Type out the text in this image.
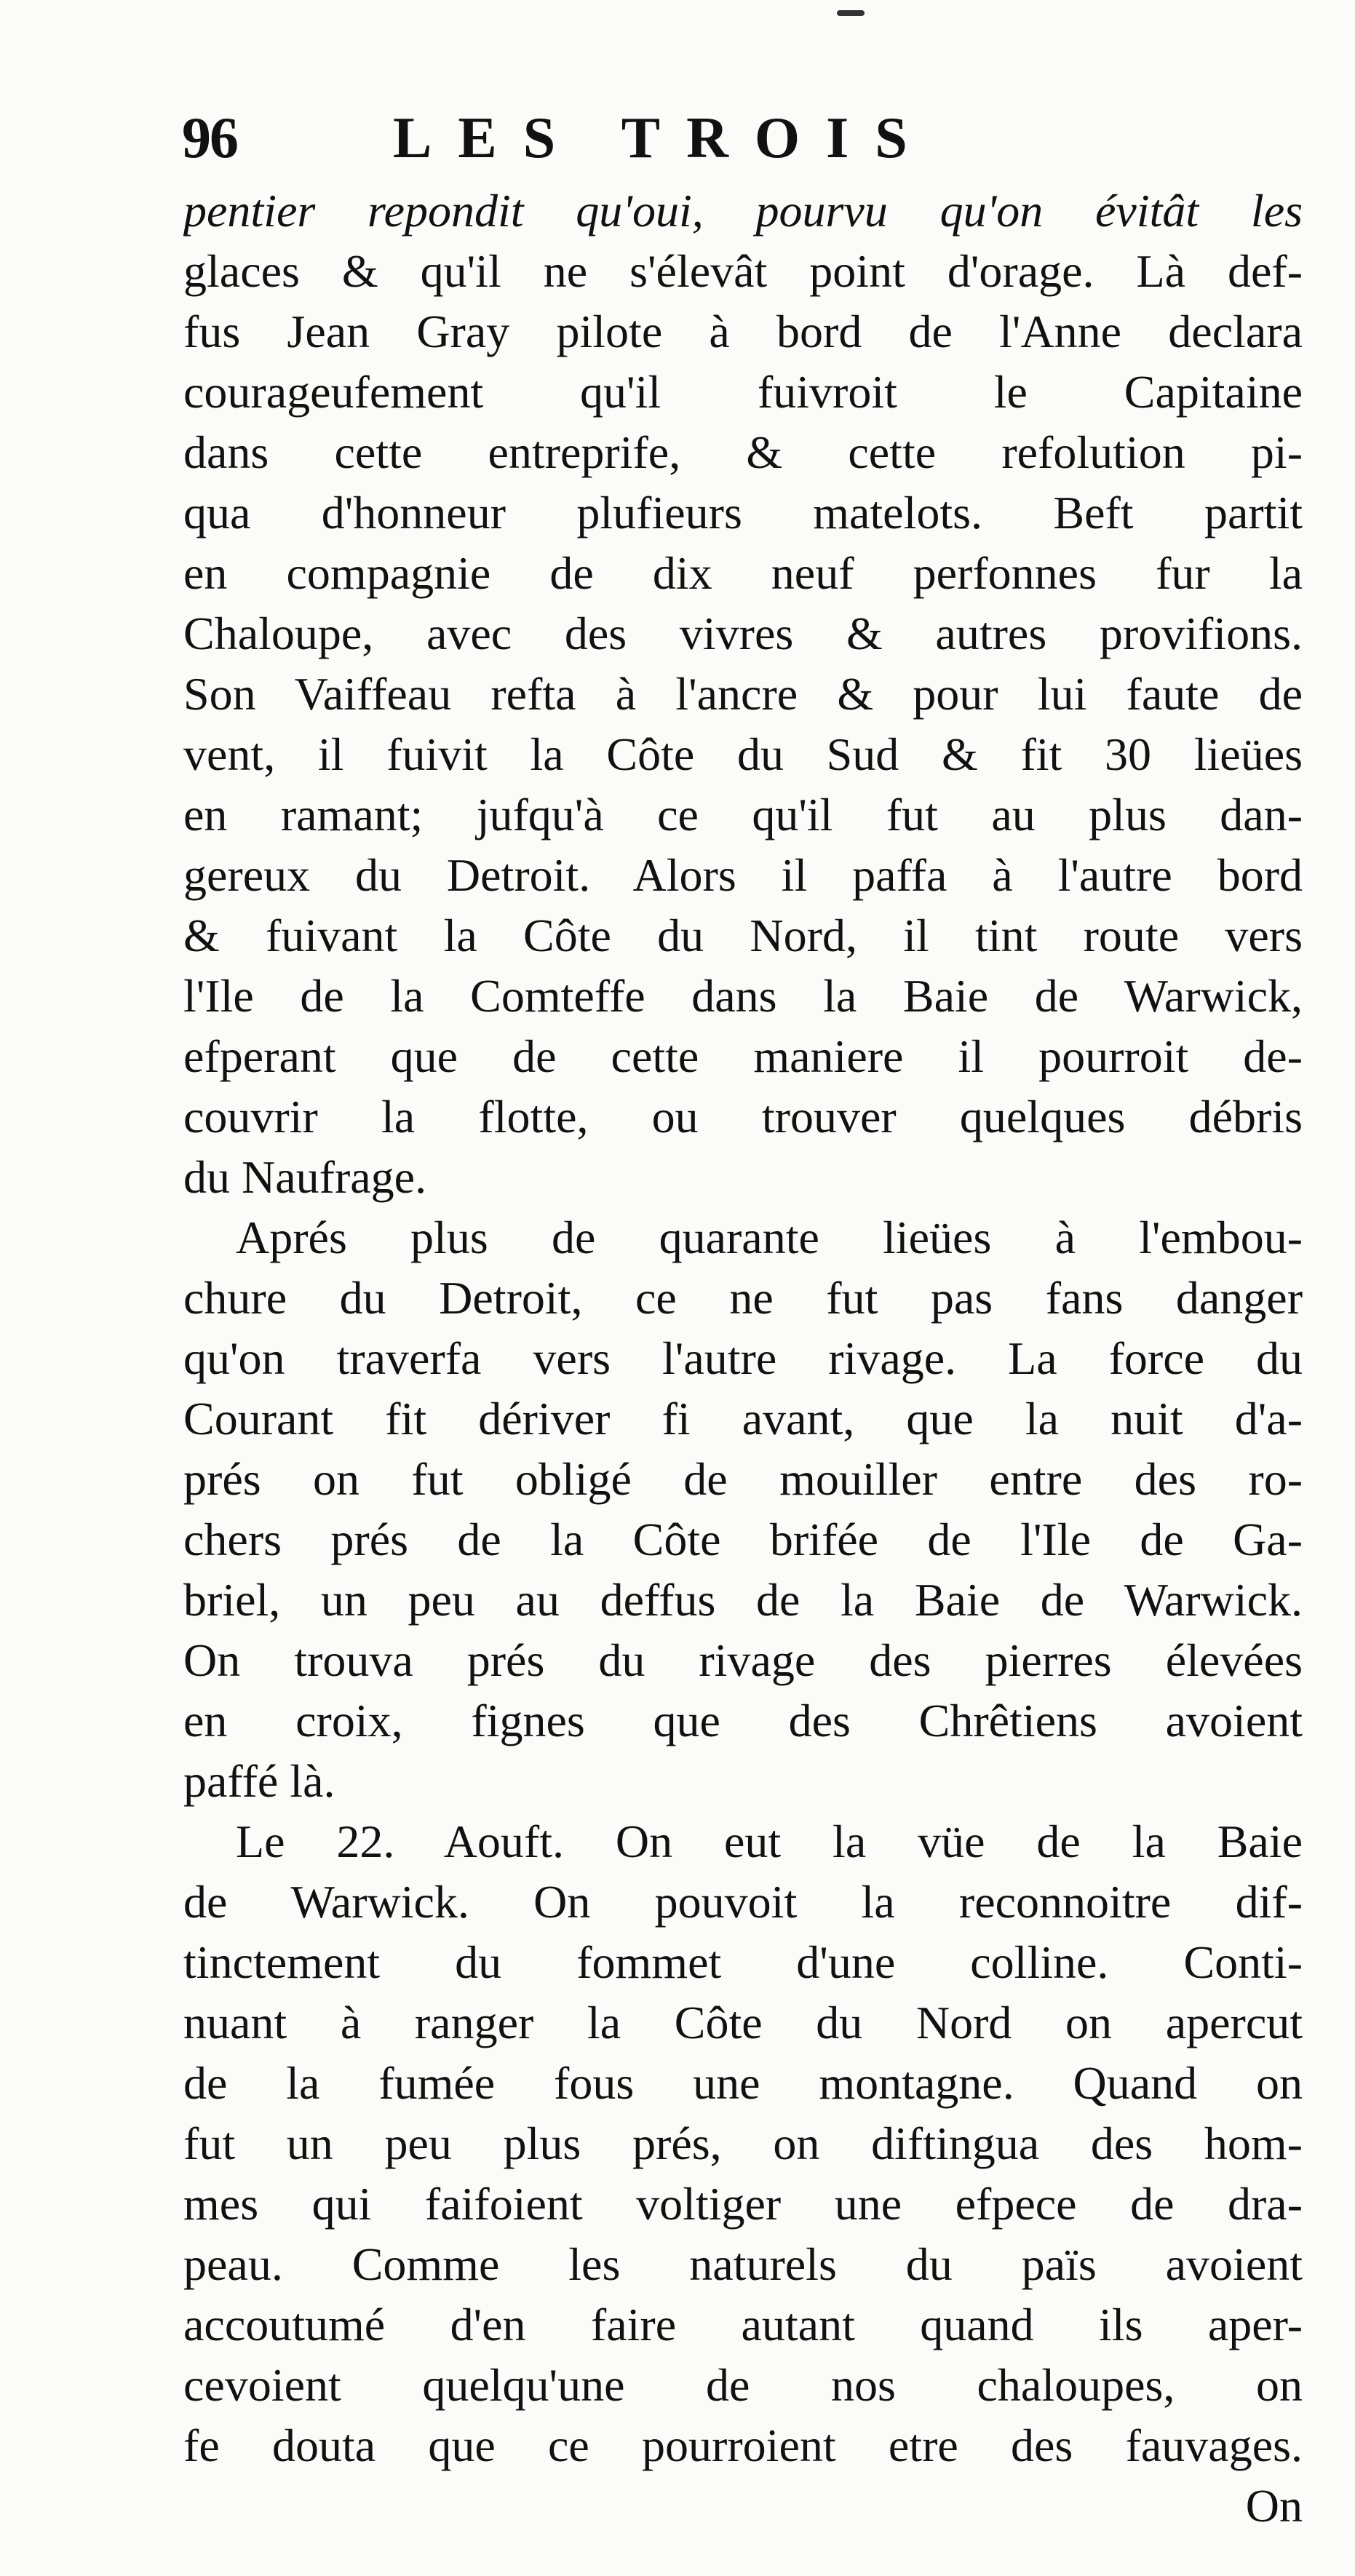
96	LES TROIS
pentier repondit qu'oui, pourvu qu'on évitât les
glaces & qu'il ne s'élevât point d'orage. Là def-
fus Jean Gray pilote à bord de l'Anne declara
courageufement qu'il fuivroit le Capitaine
dans cette entreprife, & cette refolution pi-
qua d'honneur plufieurs matelots. Beft partit
en compagnie de dix neuf perfonnes fur la
Chaloupe, avec des vivres & autres provifions.
Son Vaiffeau refta à l'ancre & pour lui faute de
vent, il fuivit la Côte du Sud & fit 30 lieües
en ramant; jufqu'à ce qu'il fut au plus dan-
gereux du Detroit. Alors il paffa à l'autre bord
& fuivant la Côte du Nord, il tint route vers
l'Ile de la Comteffe dans la Baie de Warwick,
efperant que de cette maniere il pourroit de-
couvrir la flotte, ou trouver quelques débris
du Naufrage.
Aprés plus de quarante lieües à l'embou-
chure du Detroit, ce ne fut pas fans danger
qu'on traverfa vers l'autre rivage. La force du
Courant fit dériver fi avant, que la nuit d'a-
prés on fut obligé de mouiller entre des ro-
chers prés de la Côte brifée de l'Ile de Ga-
briel, un peu au deffus de la Baie de Warwick.
On trouva prés du rivage des pierres élevées
en croix, fignes que des Chrêtiens avoient
paffé là.
Le 22. Aouft. On eut la vüe de la Baie
de Warwick. On pouvoit la reconnoitre dif-
tinctement du fommet d'une colline. Conti-
nuant à ranger la Côte du Nord on apercut
de la fumée fous une montagne. Quand on
fut un peu plus prés, on diftingua des hom-
mes qui faifoient voltiger une efpece de dra-
peau. Comme les naturels du païs avoient
accoutumé d'en faire autant quand ils aper-
cevoient quelqu'une de nos chaloupes, on
fe douta que ce pourroient etre des fauvages.
On
